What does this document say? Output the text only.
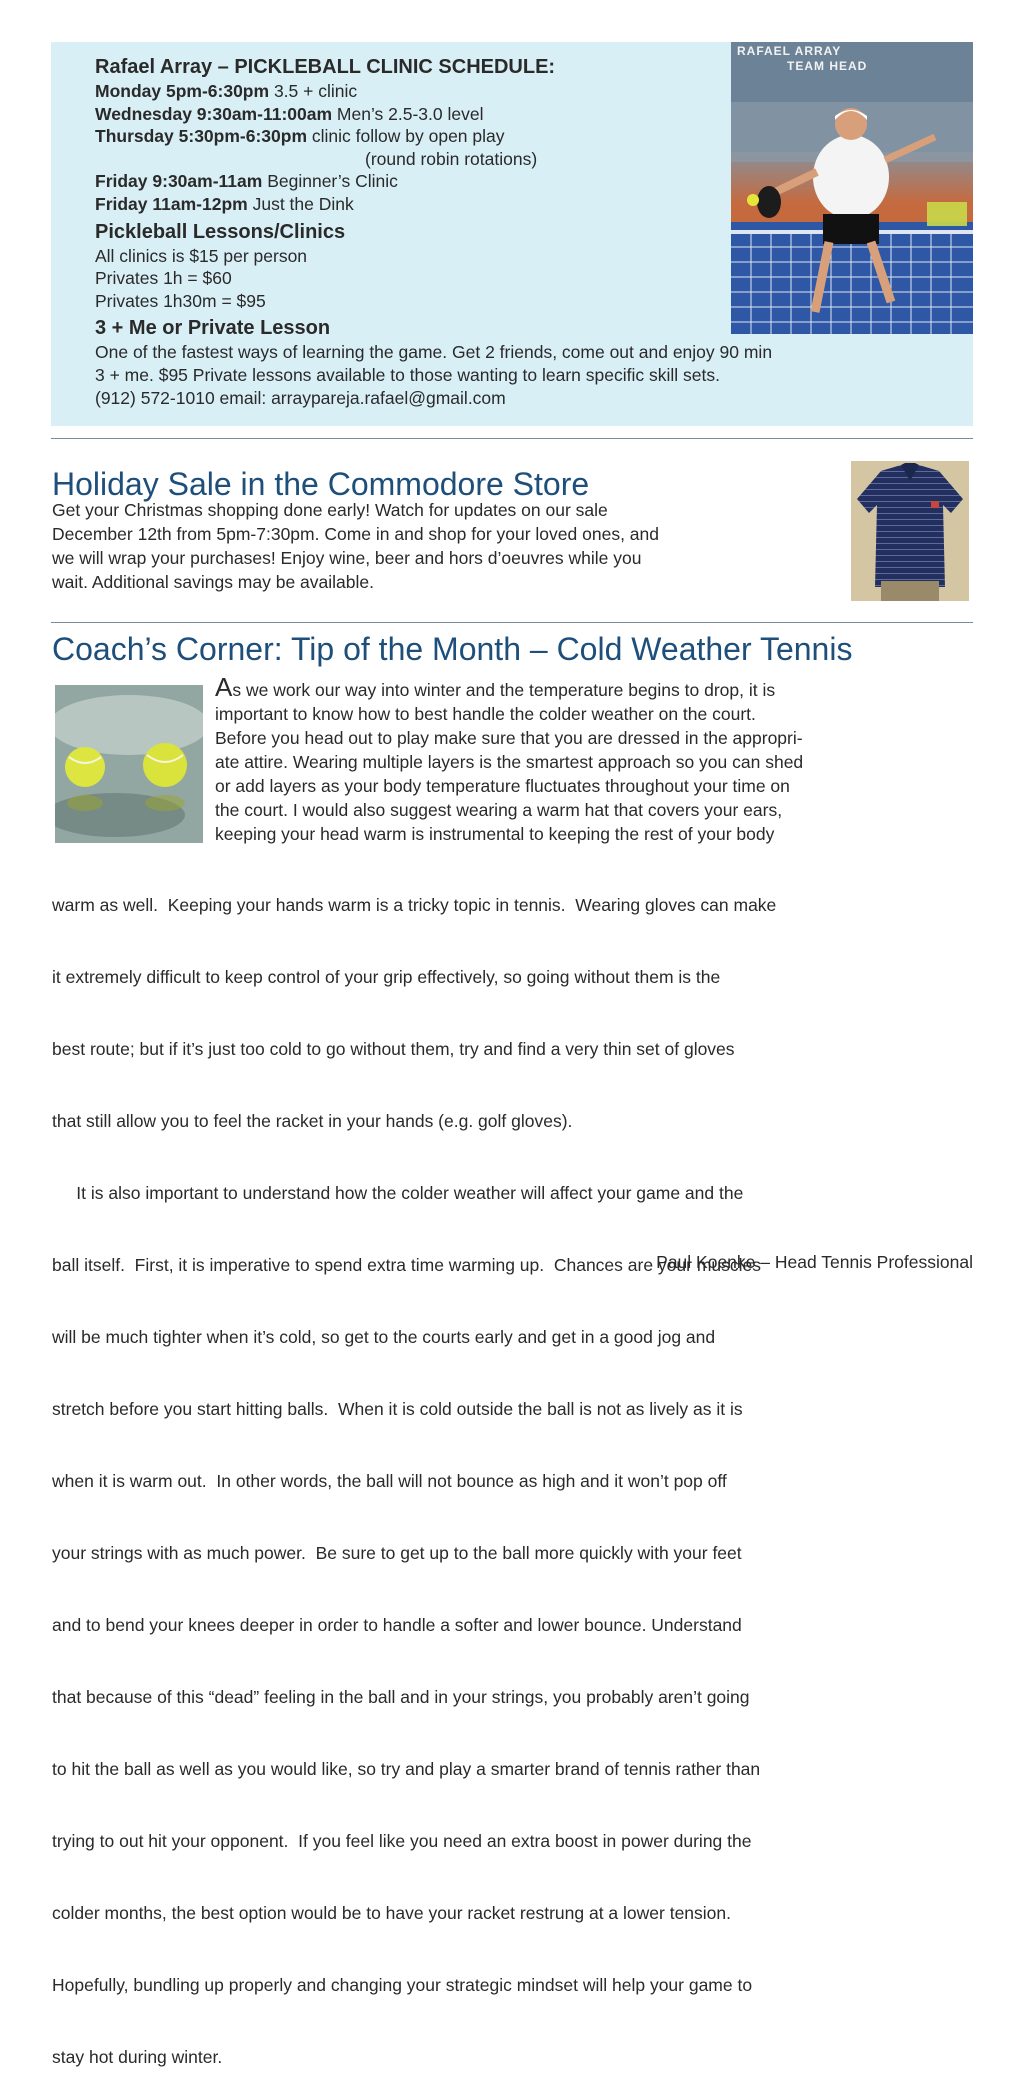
Rafael Array – PICKLEBALL CLINIC SCHEDULE:
Monday 5pm-6:30pm 3.5 + clinic
Wednesday 9:30am-11:00am Men’s 2.5-3.0 level
Thursday 5:30pm-6:30pm clinic follow by open play
(round robin rotations)
Friday 9:30am-11am Beginner’s Clinic
Friday 11am-12pm Just the Dink
Pickleball Lessons/Clinics
All clinics is $15 per person
Privates 1h = $60
Privates 1h30m = $95
3 + Me or Private Lesson
One of the fastest ways of learning the game. Get 2 friends, come out and enjoy 90 min
3 + me. $95 Private lessons available to those wanting to learn specific skill sets.
(912) 572-1010 email: arraypareja.rafael@gmail.com
RAFAEL ARRAY
TEAM HEAD
Holiday Sale in the Commodore Store
Get your Christmas shopping done early! Watch for updates on our sale
December 12th from 5pm-7:30pm. Come in and shop for your loved ones, and
we will wrap your purchases! Enjoy wine, beer and hors d’oeuvres while you
wait. Additional savings may be available.
Coach’s Corner: Tip of the Month – Cold Weather Tennis
As we work our way into winter and the temperature begins to drop, it is
important to know how to best handle the colder weather on the court.
Before you head out to play make sure that you are dressed in the appropri-
ate attire. Wearing multiple layers is the smartest approach so you can shed
or add layers as your body temperature fluctuates throughout your time on
the court. I would also suggest wearing a warm hat that covers your ears,
keeping your head warm is instrumental to keeping the rest of your body

warm as well.  Keeping your hands warm is a tricky topic in tennis.  Wearing gloves can make

it extremely difficult to keep control of your grip effectively, so going without them is the

best route; but if it’s just too cold to go without them, try and find a very thin set of gloves

that still allow you to feel the racket in your hands (e.g. golf gloves).

It is also important to understand how the colder weather will affect your game and the

ball itself.  First, it is imperative to spend extra time warming up.  Chances are your muscles

will be much tighter when it’s cold, so get to the courts early and get in a good jog and

stretch before you start hitting balls.  When it is cold outside the ball is not as lively as it is

when it is warm out.  In other words, the ball will not bounce as high and it won’t pop off

your strings with as much power.  Be sure to get up to the ball more quickly with your feet

and to bend your knees deeper in order to handle a softer and lower bounce. Understand

that because of this “dead” feeling in the ball and in your strings, you probably aren’t going

to hit the ball as well as you would like, so try and play a smarter brand of tennis rather than

trying to out hit your opponent.  If you feel like you need an extra boost in power during the

colder months, the best option would be to have your racket restrung at a lower tension.

Hopefully, bundling up properly and changing your strategic mindset will help your game to

stay hot during winter.

Paul Koenke – Head Tennis Professional
